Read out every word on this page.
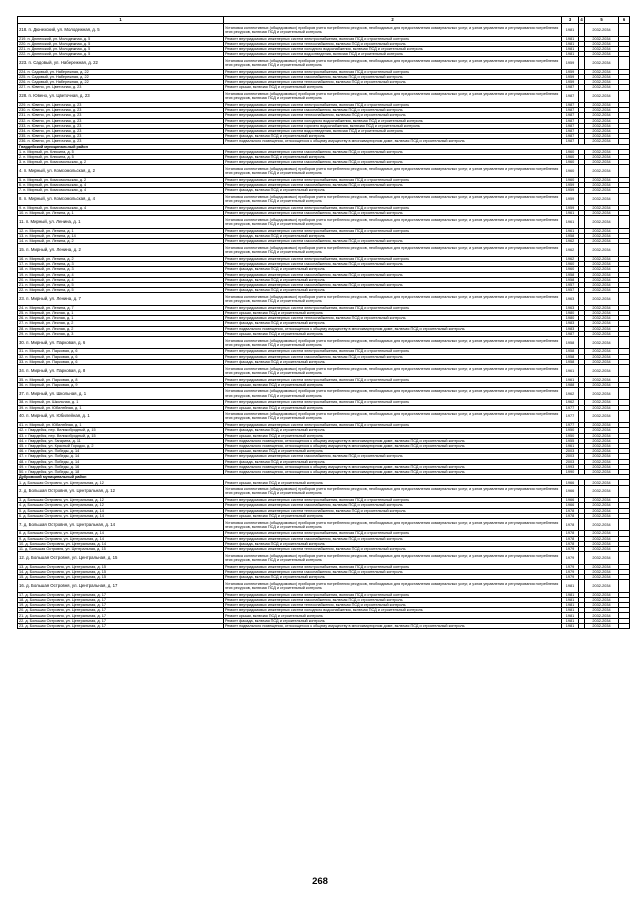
1	2	3	4	5	6	
218. п. Дюнехский, ул. Молодежная, д. 5	Установка коллективных (общедомовых) приборов учета потребления ресурсов, необходимых для предоставления коммунальных услуг, и узлов управления и регулирования потребления этих ресурсов, включая ПСД и строительный контроль	1981		2032-2034		
219. п. Дюнехский, ул. Молодежная, д. 5	Ремонт внутридомовых инженерных систем электроснабжения, включая ПСД и строительный контроль	1981		2032-2034		
220. п. Дюнехский, ул. Молодежная, д. 5	Ремонт внутридомовых инженерных систем теплоснабжения, включая ПСД и строительный контроль	1981		2032-2034		
221. п. Дюнехский, ул. Молодежная, д. 5	Ремонт внутридомовых инженерных систем холодного водоснабжения, включая ПСД и строительный контроль	1981		2032-2034		
222. п. Дюнехский, ул. Молодежная, д. 5	Ремонт внутридомовых инженерных систем водоотведения, включая ПСД и строительный контроль	1981		2032-2034		
223. п. Садовый, ул. Набережная, д. 22	Установка коллективных (общедомовых) приборов учета потребления ресурсов, необходимых для предоставления коммунальных услуг, и узлов управления и регулирования потребления этих ресурсов, включая ПСД и строительный контроль	1959		2032-2034		
224. п. Садовый, ул. Набережная, д. 22	Ремонт внутридомовых инженерных систем электроснабжения, включая ПСД и строительный контроль	1959		2032-2034		
225. п. Садовый, ул. Набережная, д. 22	Ремонт внутридомовых инженерных систем газоснабжения, включая ПСД и строительный контроль	1959		2032-2034		
226. п. Садовый, ул. Набережная, д. 22	Ремонт внутридомовых инженерных систем теплоснабжения, включая ПСД и строительный контроль	1959		2032-2034		
227. п. Ювено, ул. Цветочная, д. 23	Ремонт крыши, включая ПСД и строительный контроль	1987		2032-2034		
228. п. Ювено, ул. Цветочная, д. 23	Установка коллективных (общедомовых) приборов учета потребления ресурсов, необходимых для предоставления коммунальных услуг, и узлов управления и регулирования потребления этих ресурсов, включая ПСД и строительный контроль	1987		2032-2034		
229. п. Ювено, ул. Цветочная, д. 23	Ремонт внутридомовых инженерных систем электроснабжения, включая ПСД и строительный контроль	1987		2032-2034		
230. п. Ювено, ул. Цветочная, д. 23	Ремонт внутридомовых инженерных систем газоснабжения, включая ПСД и строительный контроль	1987		2032-2034		
231. п. Ювено, ул. Цветочная, д. 23	Ремонт внутридомовых инженерных систем теплоснабжения, включая ПСД и строительный контроль	1987		2032-2034		
232. п. Ювено, ул. Цветочная, д. 23	Ремонт внутридомовых инженерных систем холодного водоснабжения, включая ПСД и строительный контроль	1987		2032-2034		
233. п. Ювено, ул. Цветочная, д. 23	Ремонт внутридомовых инженерных систем горячего водоснабжения, включая ПСД и строительный контроль	1987		2032-2034		
234. п. Ювено, ул. Цветочная, д. 23	Ремонт внутридомовых инженерных систем водоотведения, включая ПСД и строительный контроль	1987		2032-2034		
235. п. Ювено, ул. Цветочная, д. 23	Ремонт фасада, включая ПСД и строительный контроль	1987		2032-2034		
236. п. Ювено, ул. Цветочная, д. 23	Ремонт подвального помещения, относящегося к общему имуществу в многоквартирном доме, включая ПСД и строительный контроль	1987		2032-2034		
Гвардейский муниципальный район						
1. п. Мирный, ул. Клюкина, д. 5	Ремонт внутридомовых инженерных систем газоснабжения, включая ПСД и строительный контроль	1960		2032-2034		
2. п. Мирный, ул. Клюкина, д. 5	Ремонт фасада, включая ПСД и строительный контроль	1960		2032-2034		
3. п. Мирный, ул. Комсомольская, д. 2	Ремонт внутридомовых инженерных систем газоснабжения, включая ПСД и строительный контроль	1960		2032-2034		
4. п. Мирный, ул. Комсомольская, д. 2	Установка коллективных (общедомовых) приборов учета потребления ресурсов, необходимых для предоставления коммунальных услуг, и узлов управления и регулирования потребления этих ресурсов, включая ПСД и строительный контроль	1960		2032-2034		
5. п. Мирный, ул. Комсомольская, д. 2	Ремонт внутридомовых инженерных систем электроснабжения, включая ПСД и строительный контроль	1960		2032-2034		
6. п. Мирный, ул. Комсомольская, д. 4	Ремонт внутридомовых инженерных систем газоснабжения, включая ПСД и строительный контроль	1959		2032-2034		
7. п. Мирный, ул. Комсомольская, д. 4	Ремонт фасада, включая ПСД и строительный контроль	1959		2032-2034		
8. п. Мирный, ул. Комсомольская, д. 4	Установка коллективных (общедомовых) приборов учета потребления ресурсов, необходимых для предоставления коммунальных услуг, и узлов управления и регулирования потребления этих ресурсов, включая ПСД и строительный контроль	1959		2032-2034		
9. п. Мирный, ул. Комсомольская, д. 4	Ремонт внутридомовых инженерных систем электроснабжения, включая ПСД и строительный контроль	1959		2032-2034		
10. п. Мирный, ул. Ленина, д. 1	Ремонт внутридомовых инженерных систем газоснабжения, включая ПСД и строительный контроль	1961		2032-2034		
11. п. Мирный, ул. Ленина, д. 1	Установка коллективных (общедомовых) приборов учета потребления ресурсов, необходимых для предоставления коммунальных услуг, и узлов управления и регулирования потребления этих ресурсов, включая ПСД и строительный контроль	1961		2032-2034		
12. п. Мирный, ул. Ленина, д. 1	Ремонт внутридомовых инженерных систем электроснабжения, включая ПСД и строительный контроль	1961		2032-2034		
13. п. Мирный, ул. Ленина, д. 14	Ремонт фасада, включая ПСД и строительный контроль	1958		2032-2034		
14. п. Мирный, ул. Ленина, д. 2	Ремонт внутридомовых инженерных систем газоснабжения, включая ПСД и строительный контроль	1962		2032-2034		
15. п. Мирный, ул. Ленина, д. 2	Установка коллективных (общедомовых) приборов учета потребления ресурсов, необходимых для предоставления коммунальных услуг, и узлов управления и регулирования потребления этих ресурсов, включая ПСД и строительный контроль	1962		2032-2034		
16. п. Мирный, ул. Ленина, д. 2	Ремонт внутридомовых инженерных систем электроснабжения, включая ПСД и строительный контроль	1962		2032-2034		
17. п. Мирный, ул. Ленина, д. 3	Ремонт внутридомовых инженерных систем газоснабжения, включая ПСД и строительный контроль	1960		2032-2034		
18. п. Мирный, ул. Ленина, д. 3	Ремонт фасада, включая ПСД и строительный контроль	1960		2032-2034		
19. п. Мирный, ул. Ленина, д. 4	Ремонт внутридомовых инженерных систем газоснабжения, включая ПСД и строительный контроль	1958		2032-2034		
20. п. Мирный, ул. Ленина, д. 4	Ремонт фасада, включая ПСД и строительный контроль	1958		2032-2034		
21. п. Мирный, ул. Ленина, д. 5	Ремонт внутридомовых инженерных систем газоснабжения, включая ПСД и строительный контроль	1957		2032-2034		
22. п. Мирный, ул. Ленина, д. 5	Ремонт фасада, включая ПСД и строительный контроль	1957		2032-2034		
23. п. Мирный, ул. Ленина, д. 7	Установка коллективных (общедомовых) приборов учета потребления ресурсов, необходимых для предоставления коммунальных услуг, и узлов управления и регулирования потребления этих ресурсов, включая ПСД и строительный контроль	1963		2032-2034		
24. п. Мирный, ул. Ленина, д. 7	Ремонт внутридомовых инженерных систем электроснабжения, включая ПСД и строительный контроль	1963		2032-2034		
25. п. Мирный, ул. Лесная, д. 1	Ремонт крыши, включая ПСД и строительный контроль	1980		2032-2034		
26. п. Мирный, ул. Лесная, д. 1	Ремонт внутридомовых инженерных систем теплоснабжения, включая ПСД и строительный контроль	1980		2032-2034		
27. п. Мирный, ул. Лесная, д. 2	Ремонт фасада, включая ПСД и строительный контроль	1983		2032-2034		
28. п. Мирный, ул. Лесная, д. 2	Ремонт подвального помещения, относящегося к общему имуществу в многоквартирном доме, включая ПСД и строительный контроль	1983		2032-2034		
29. п. Мирный, ул. Лесная, д. 3	Ремонт крыши, включая ПСД и строительный контроль	1987		2032-2034		
30. п. Мирный, ул. Парковая, д. 6	Установка коллективных (общедомовых) приборов учета потребления ресурсов, необходимых для предоставления коммунальных услуг, и узлов управления и регулирования потребления этих ресурсов, включая ПСД и строительный контроль	1958		2032-2034		
31. п. Мирный, ул. Парковая, д. 6	Ремонт внутридомовых инженерных систем электроснабжения, включая ПСД и строительный контроль	1958		2032-2034		
32. п. Мирный, ул. Парковая, д. 6	Ремонт внутридомовых инженерных систем газоснабжения, включая ПСД и строительный контроль	1958		2032-2034		
33. п. Мирный, ул. Парковая, д. 6	Ремонт фасада, включая ПСД и строительный контроль	1958		2032-2034		
34. п. Мирный, ул. Парковая, д. 8	Установка коллективных (общедомовых) приборов учета потребления ресурсов, необходимых для предоставления коммунальных услуг, и узлов управления и регулирования потребления этих ресурсов, включая ПСД и строительный контроль	1961		2032-2034		
35. п. Мирный, ул. Парковая, д. 8	Ремонт внутридомовых инженерных систем электроснабжения, включая ПСД и строительный контроль	1961		2032-2034		
36. п. Мирный, ул. Парковая, д. 9	Ремонт крыши, включая ПСД и строительный контроль	1988		2032-2034		
37. п. Мирный, ул. Школьная, д. 1	Установка коллективных (общедомовых) приборов учета потребления ресурсов, необходимых для предоставления коммунальных услуг, и узлов управления и регулирования потребления этих ресурсов, включая ПСД и строительный контроль	1962		2032-2034		
38. п. Мирный, ул. Школьная, д. 1	Ремонт внутридомовых инженерных систем электроснабжения, включая ПСД и строительный контроль	1962		2032-2034		
39. п. Мирный, ул. Юбилейная, д. 1	Ремонт крыши, включая ПСД и строительный контроль	1977		2032-2034		
40. п. Мирный, ул. Юбилейная, д. 1	Установка коллективных (общедомовых) приборов учета потребления ресурсов, необходимых для предоставления коммунальных услуг, и узлов управления и регулирования потребления этих ресурсов, включая ПСД и строительный контроль	1977		2032-2034		
41. п. Мирный, ул. Юбилейная, д. 1	Ремонт внутридомовых инженерных систем электроснабжения, включая ПСД и строительный контроль	1977		2032-2034		
42. г. Гвардейск, пер. Великобродный, д. 15	Ремонт фасада, включая ПСД и строительный контроль	1950		2032-2034		
43. г. Гвардейск, пер. Великобродный, д. 15	Ремонт крыши, включая ПСД и строительный контроль	1950		2032-2034		
44. г. Гвардейск, ул. Гагарина, д. 11	Ремонт подвального помещения, относящегося к общему имуществу в многоквартирном доме, включая ПСД и строительный контроль	1955		2032-2034		
45. г. Гвардейск, ул. Красный Городок, д. 2	Ремонт подвального помещения, относящегося к общему имуществу в многоквартирном доме, включая ПСД и строительный контроль	1961		2032-2034		
46. г. Гвардейск, ул. Победы, д. 14	Ремонт крыши, включая ПСД и строительный контроль	2003		2032-2034		
47. г. Гвардейск, ул. Победы, д. 14	Ремонт внутридомовых инженерных систем газоснабжения, включая ПСД и строительный контроль	2003		2032-2034		
48. г. Гвардейск, ул. Победы, д. 14	Ремонт фасада, включая ПСД и строительный контроль	2003		2032-2034		
49. г. Гвардейск, ул. Победы, д. 16	Ремонт подвального помещения, относящегося к общему имуществу в многоквартирном доме, включая ПСД и строительный контроль	1993		2032-2034		
50. г. Гвардейск, ул. Победы, д. 18	Ремонт подвального помещения, относящегося к общему имуществу в многоквартирном доме, включая ПСД и строительный контроль	1990		2032-2034		
Дубровский муниципальный район						
1. д. Большая Островня, ул. Центральная, д. 12	Ремонт крыши, включая ПСД и строительный контроль	1966		2032-2034		
2. д. Большая Островня, ул. Центральная, д. 12	Установка коллективных (общедомовых) приборов учета потребления ресурсов, необходимых для предоставления коммунальных услуг, и узлов управления и регулирования потребления этих ресурсов, включая ПСД и строительный контроль	1966		2032-2034		
3. д. Большая Островня, ул. Центральная, д. 12	Ремонт внутридомовых инженерных систем электроснабжения, включая ПСД и строительный контроль	1966		2032-2034		
4. д. Большая Островня, ул. Центральная, д. 12	Ремонт внутридомовых инженерных систем газоснабжения, включая ПСД и строительный контроль	1966		2032-2034		
5. д. Большая Островня, ул. Центральная, д. 14	Ремонт внутридомовых инженерных систем теплоснабжения, включая ПСД и строительный контроль	1978		2032-2034		
6. д. Большая Островня, ул. Центральная, д. 14	Ремонт крыши, включая ПСД и строительный контроль	1978		2032-2034		
7. д. Большая Островня, ул. Центральная, д. 14	Установка коллективных (общедомовых) приборов учета потребления ресурсов, необходимых для предоставления коммунальных услуг, и узлов управления и регулирования потребления этих ресурсов, включая ПСД и строительный контроль	1978		2032-2034		
8. д. Большая Островня, ул. Центральная, д. 14	Ремонт внутридомовых инженерных систем электроснабжения, включая ПСД и строительный контроль	1978		2032-2034		
9. д. Большая Островня, ул. Центральная, д. 14	Ремонт внутридомовых инженерных систем газоснабжения, включая ПСД и строительный контроль	1978		2032-2034		
10. д. Большая Островня, ул. Центральная, д. 14	Ремонт фасада, включая ПСД и строительный контроль	1978		2032-2034		
11. д. Большая Островня, ул. Центральная, д. 15	Ремонт внутридомовых инженерных систем теплоснабжения, включая ПСД и строительный контроль	1979		2032-2034		
12. д. Большая Островня, ул. Центральная, д. 15	Установка коллективных (общедомовых) приборов учета потребления ресурсов, необходимых для предоставления коммунальных услуг, и узлов управления и регулирования потребления этих ресурсов, включая ПСД и строительный контроль	1979		2032-2034		
13. д. Большая Островня, ул. Центральная, д. 15	Ремонт внутридомовых инженерных систем электроснабжения, включая ПСД и строительный контроль	1979		2032-2034		
14. д. Большая Островня, ул. Центральная, д. 15	Ремонт внутридомовых инженерных систем газоснабжения, включая ПСД и строительный контроль	1979		2032-2034		
15. д. Большая Островня, ул. Центральная, д. 15	Ремонт фасада, включая ПСД и строительный контроль	1979		2032-2034		
16. д. Большая Островня, ул. Центральная, д. 17	Установка коллективных (общедомовых) приборов учета потребления ресурсов, необходимых для предоставления коммунальных услуг, и узлов управления и регулирования потребления этих ресурсов, включая ПСД и строительный контроль	1981		2032-2034		
17. д. Большая Островня, ул. Центральная, д. 17	Ремонт внутридомовых инженерных систем электроснабжения, включая ПСД и строительный контроль	1981		2032-2034		
18. д. Большая Островня, ул. Центральная, д. 17	Ремонт внутридомовых инженерных систем газоснабжения, включая ПСД и строительный контроль	1981		2032-2034		
19. д. Большая Островня, ул. Центральная, д. 17	Ремонт внутридомовых инженерных систем теплоснабжения, включая ПСД и строительный контроль	1981		2032-2034		
20. д. Большая Островня, ул. Центральная, д. 17	Ремонт внутридомовых инженерных систем холодного водоснабжения, включая ПСД и строительный контроль	1981		2032-2034		
21. д. Большая Островня, ул. Центральная, д. 17	Ремонт крыши, включая ПСД и строительный контроль	1981		2032-2034		
22. д. Большая Островня, ул. Центральная, д. 17	Ремонт фасада, включая ПСД и строительный контроль	1981		2032-2034		
23. д. Большая Островня, ул. Центральная, д. 17	Ремонт подвального помещения, относящегося к общему имуществу в многоквартирном доме, включая ПСД и строительный контроль	1981		2032-2034		
268
